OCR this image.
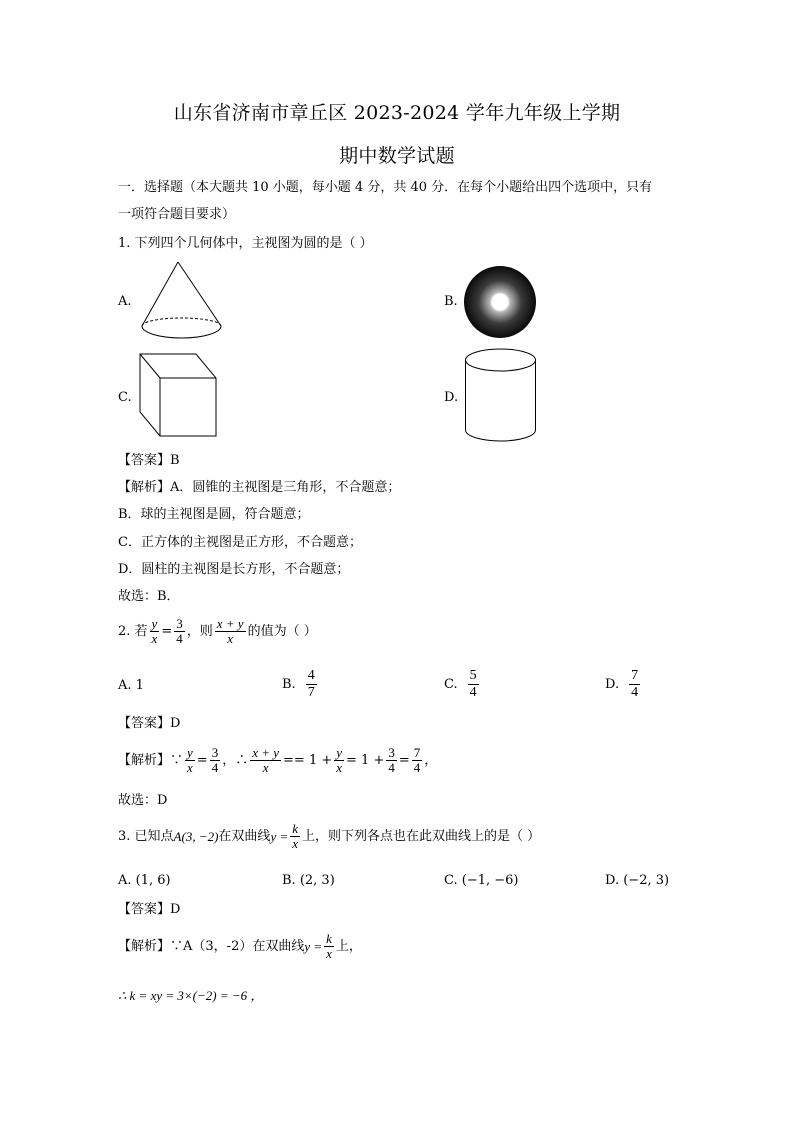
山东省济南市章丘区 2023-2024 学年九年级上学期
期中数学试题
一．选择题（本大题共 10 小题，每小题 4 分，共 40 分．在每个小题给出四个选项中，只有
一项符合题目要求）
1. 下列四个几何体中，主视图为圆的是（ ）
A.	B.
C.	D.
【答案】B
【解析】A．圆锥的主视图是三角形，不合题意；
B．球的主视图是圆，符合题意；
C．正方体的主视图是正方形，不合题意；
D．圆柱的主视图是长方形，不合题意；
故选：B．
2. 若 $\frac{y}{x} = \frac{3}{4}$ ，则 $\frac{x + y}{x}$ 的值为（ ）
A. 1	B. $\frac{4}{7}$	C. $\frac{5}{4}$	D. $\frac{7}{4}$
【答案】D
【解析】∵ $\frac{y}{x} = \frac{3}{4}$ ，∴ $\frac{x + y}{x} == 1 + \frac{y}{x} = 1 + \frac{3}{4} = \frac{7}{4}$ ，
故选：D
3. 已知点 A(3, −2) 在双曲线 $y = \frac{k}{x}$ 上，则下列各点也在此双曲线上的是（ ）
A. (1, 6)	B. (2, 3)	C. (−1, −6)	D. (−2, 3)
【答案】D
【解析】∵ A（3，-2）在双曲线 $y = \frac{k}{x}$ 上，
∴ k = xy = 3×(−2) = −6 ，
